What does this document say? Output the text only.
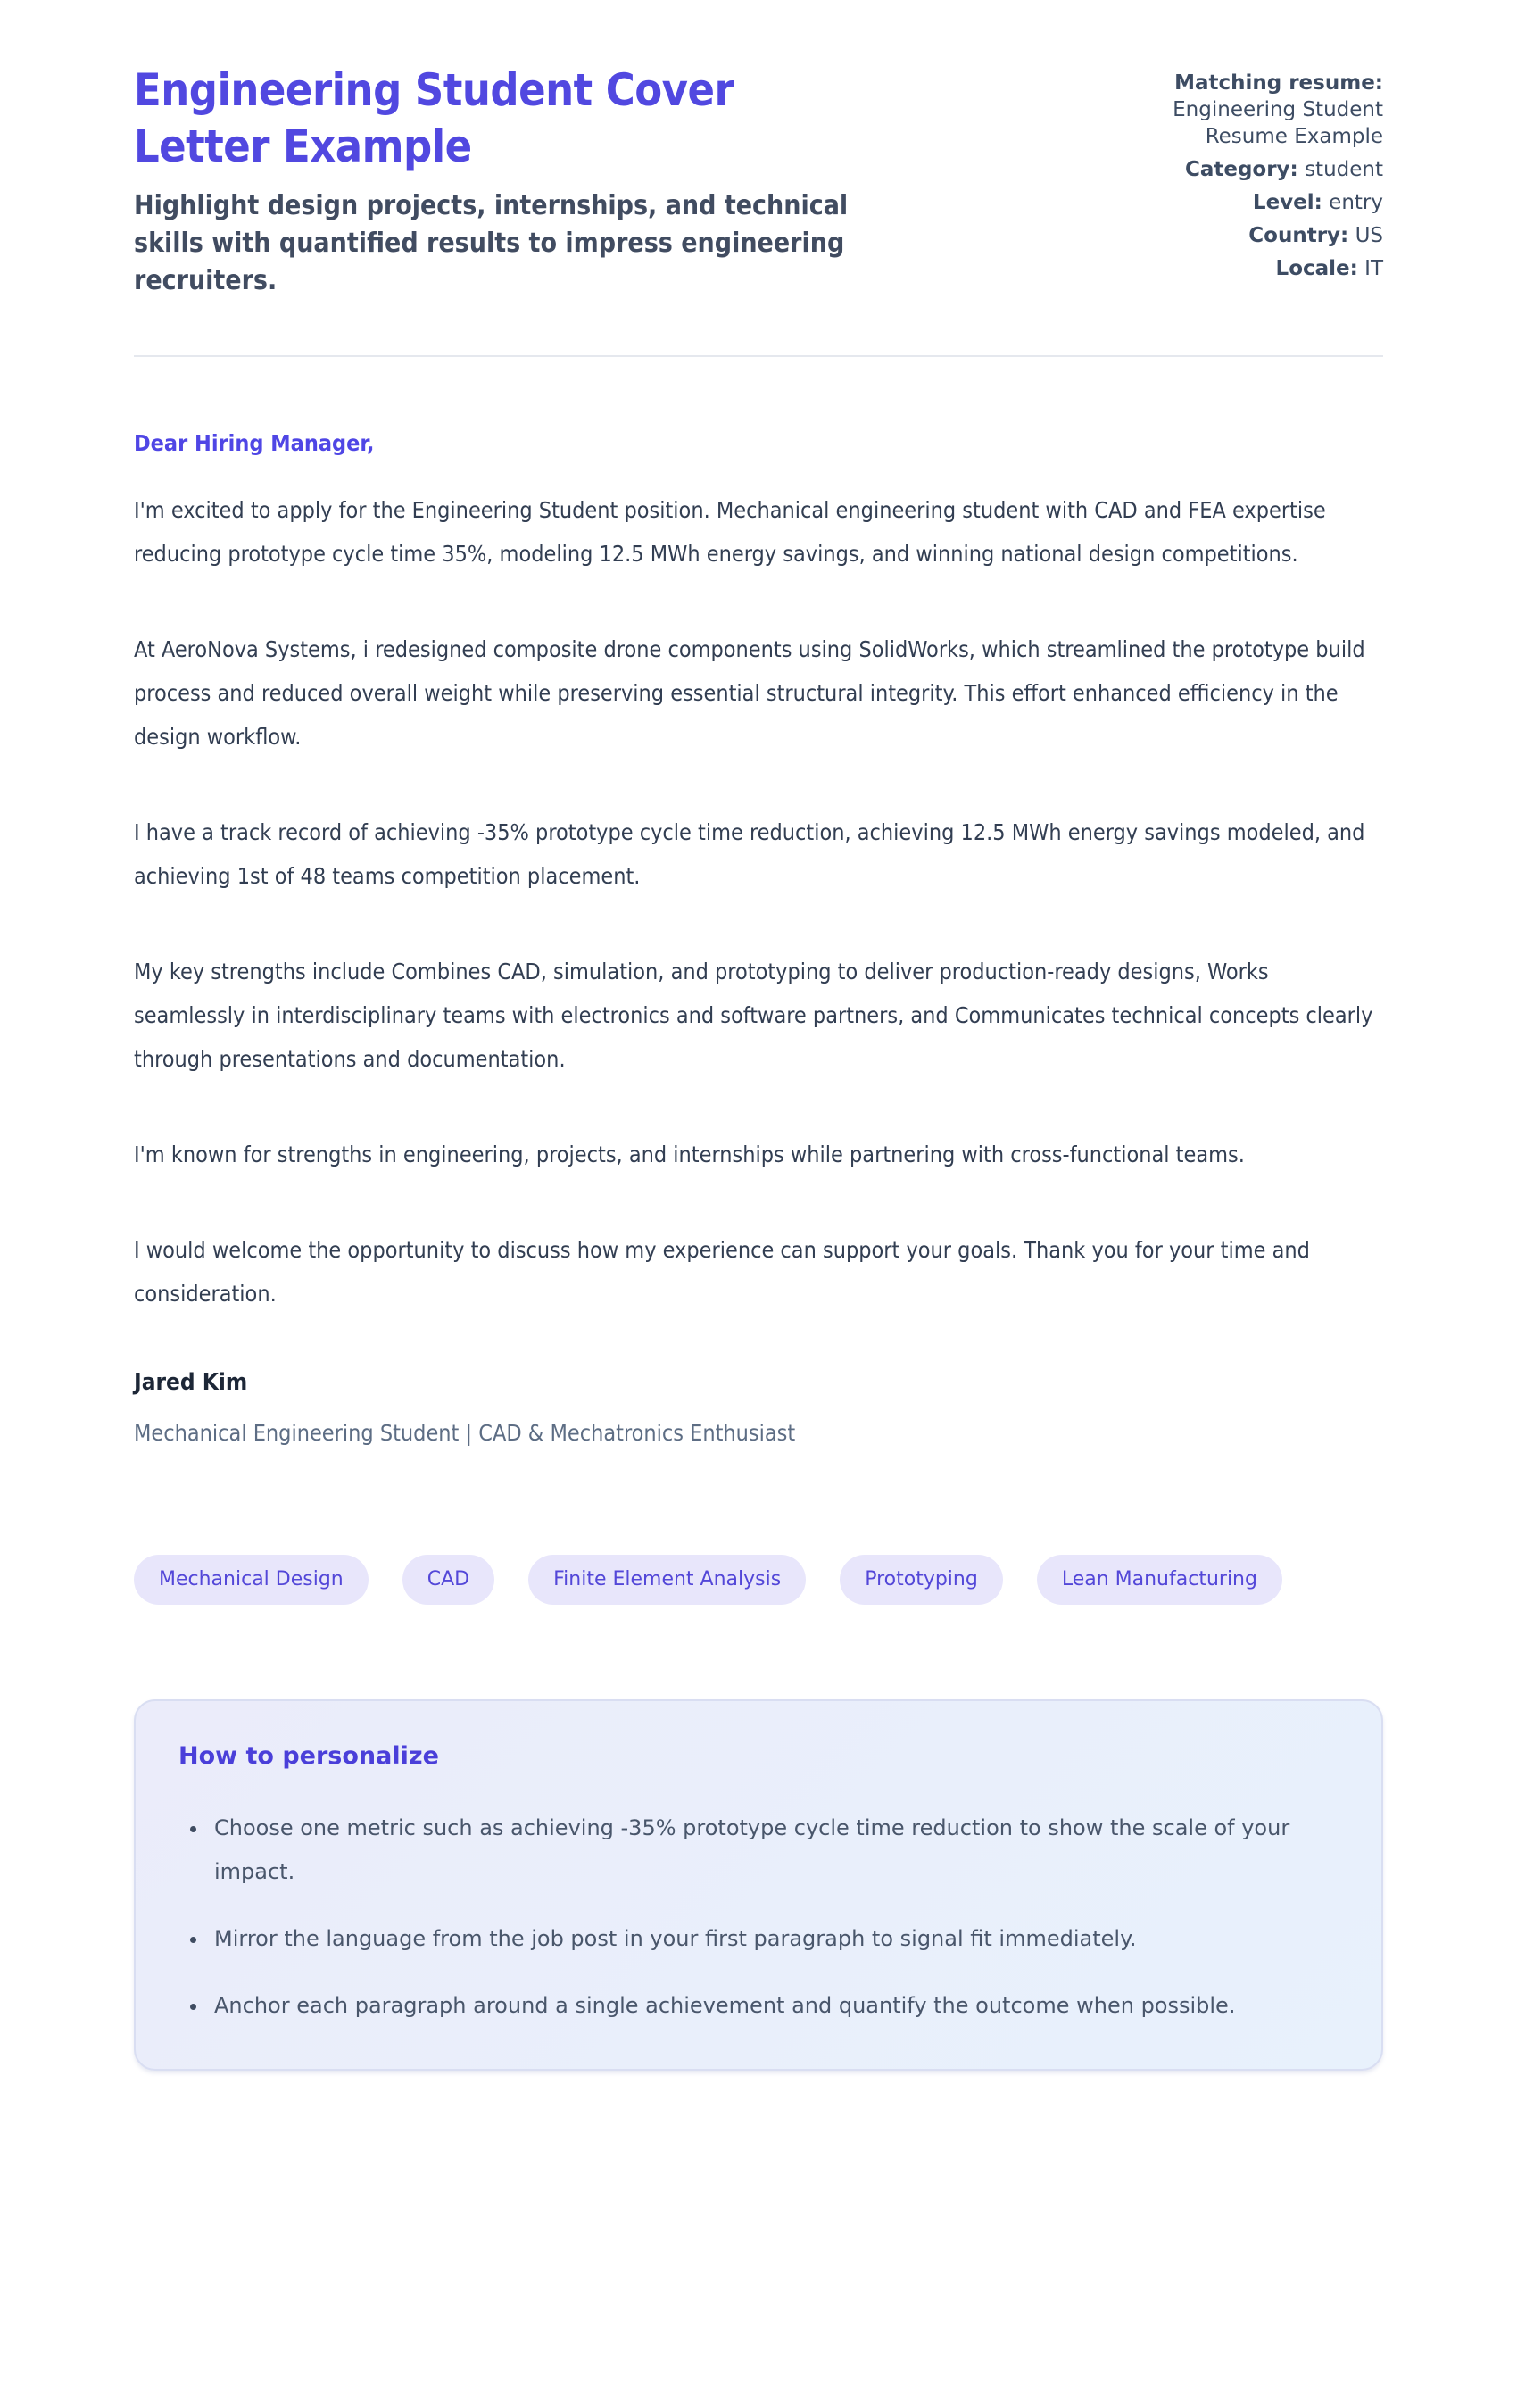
Engineering Student Cover Letter Example

Highlight design projects, internships, and technical skills with quantified results to impress engineering recruiters.

Matching resume: Engineering Student Resume Example
Category: student
Level: entry
Country: US
Locale: IT

Dear Hiring Manager,

I'm excited to apply for the Engineering Student position. Mechanical engineering student with CAD and FEA expertise reducing prototype cycle time 35%, modeling 12.5 MWh energy savings, and winning national design competitions.

At AeroNova Systems, i redesigned composite drone components using SolidWorks, which streamlined the prototype build process and reduced overall weight while preserving essential structural integrity. This effort enhanced efficiency in the design workflow.

I have a track record of achieving -35% prototype cycle time reduction, achieving 12.5 MWh energy savings modeled, and achieving 1st of 48 teams competition placement.

My key strengths include Combines CAD, simulation, and prototyping to deliver production-ready designs, Works seamlessly in interdisciplinary teams with electronics and software partners, and Communicates technical concepts clearly through presentations and documentation.

I'm known for strengths in engineering, projects, and internships while partnering with cross-functional teams.

I would welcome the opportunity to discuss how my experience can support your goals. Thank you for your time and consideration.

Jared Kim

Mechanical Engineering Student | CAD & Mechatronics Enthusiast

Mechanical Design	CAD	Finite Element Analysis	Prototyping	Lean Manufacturing
How to personalize
• Choose one metric such as achieving -35% prototype cycle time reduction to show the scale of your impact.
• Mirror the language from the job post in your first paragraph to signal fit immediately.
• Anchor each paragraph around a single achievement and quantify the outcome when possible.
